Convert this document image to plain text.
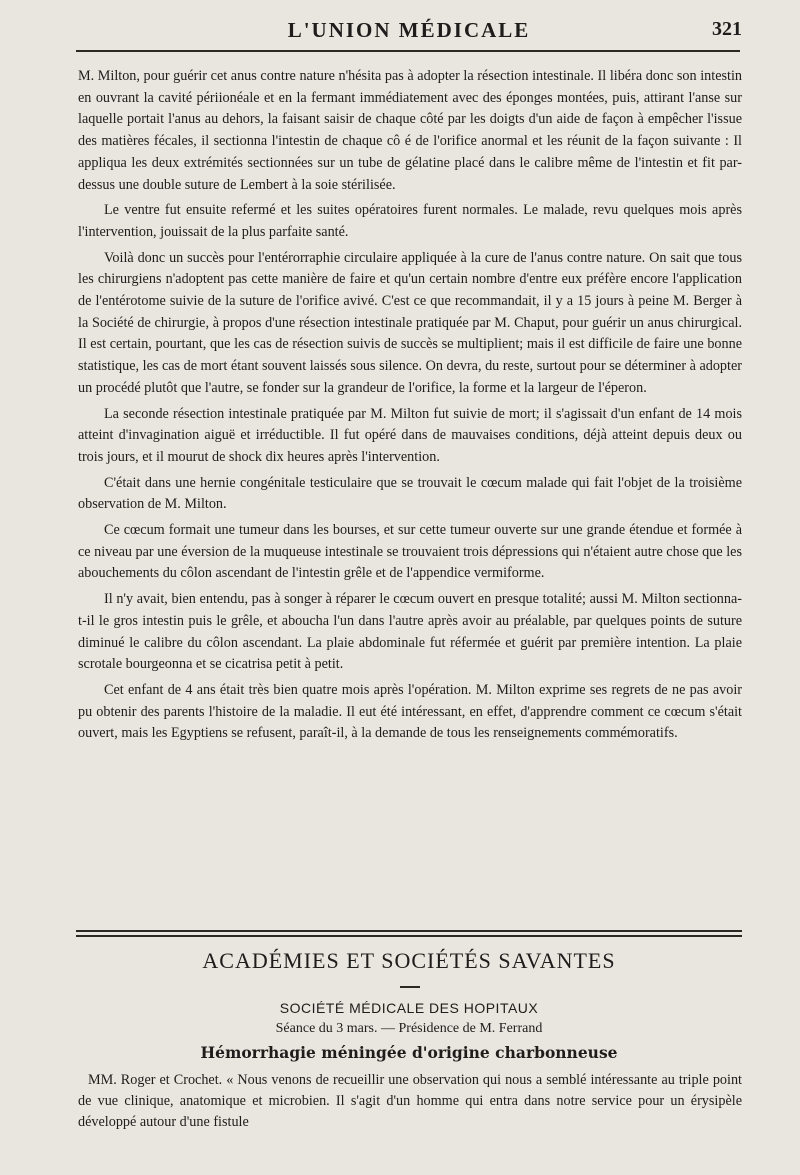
L'UNION MÉDICALE	321

M. Milton, pour guérir cet anus contre nature n'hésita pas à adopter la résection intestinale. Il libéra donc son intestin en ouvrant la cavité périionéale et en la fermant immédiatement avec des éponges montées, puis, attirant l'anse sur laquelle portait l'anus au dehors, la faisant saisir de chaque côté par les doigts d'un aide de façon à empêcher l'issue des matières fécales, il sectionna l'intestin de chaque cô é de l'orifice anormal et les réunit de la façon suivante : Il appliqua les deux extrémités sectionnées sur un tube de gélatine placé dans le calibre même de l'intestin et fit par-dessus une double suture de Lembert à la soie stérilisée.

Le ventre fut ensuite refermé et les suites opératoires furent normales. Le malade, revu quelques mois après l'intervention, jouissait de la plus parfaite santé.

Voilà donc un succès pour l'entérorraphie circulaire appliquée à la cure de l'anus contre nature. On sait que tous les chirurgiens n'adoptent pas cette manière de faire et qu'un certain nombre d'entre eux préfère encore l'application de l'entérotome suivie de la suture de l'orifice avivé. C'est ce que recommandait, il y a 15 jours à peine M. Berger à la Société de chirurgie, à propos d'une résection intestinale pratiquée par M. Chaput, pour guérir un anus chirurgical. Il est certain, pourtant, que les cas de résection suivis de succès se multiplient; mais il est difficile de faire une bonne statistique, les cas de mort étant souvent laissés sous silence. On devra, du reste, surtout pour se déterminer à adopter un procédé plutôt que l'autre, se fonder sur la grandeur de l'orifice, la forme et la largeur de l'éperon.

La seconde résection intestinale pratiquée par M. Milton fut suivie de mort; il s'agissait d'un enfant de 14 mois atteint d'invagination aiguë et irréductible. Il fut opéré dans de mauvaises conditions, déjà atteint depuis deux ou trois jours, et il mourut de shock dix heures après l'intervention.

C'était dans une hernie congénitale testiculaire que se trouvait le cœcum malade qui fait l'objet de la troisième observation de M. Milton.

Ce cœcum formait une tumeur dans les bourses, et sur cette tumeur ouverte sur une grande étendue et formée à ce niveau par une éversion de la muqueuse intestinale se trouvaient trois dépressions qui n'étaient autre chose que les abouchements du côlon ascendant de l'intestin grêle et de l'appendice vermiforme.

Il n'y avait, bien entendu, pas à songer à réparer le cœcum ouvert en presque totalité; aussi M. Milton sectionna-t-il le gros intestin puis le grêle, et aboucha l'un dans l'autre après avoir au préalable, par quelques points de suture diminué le calibre du côlon ascendant. La plaie abdominale fut réfermée et guérit par première intention. La plaie scrotale bourgeonna et se cicatrisa petit à petit.

Cet enfant de 4 ans était très bien quatre mois après l'opération. M. Milton exprime ses regrets de ne pas avoir pu obtenir des parents l'histoire de la maladie. Il eut été intéressant, en effet, d'apprendre comment ce cœcum s'était ouvert, mais les Egyptiens se refusent, paraît-il, à la demande de tous les renseignements commémoratifs.

ACADÉMIES ET SOCIÉTÉS SAVANTES
SOCIÉTÉ MÉDICALE DES HOPITAUX
Séance du 3 mars. — Présidence de M. Ferrand
Hémorrhagie méningée d'origine charbonneuse

MM. Roger et Crochet. « Nous venons de recueillir une observation qui nous a semblé intéressante au triple point de vue clinique, anatomique et microbien. Il s'agit d'un homme qui entra dans notre service pour un érysipèle développé autour d'une fistule
